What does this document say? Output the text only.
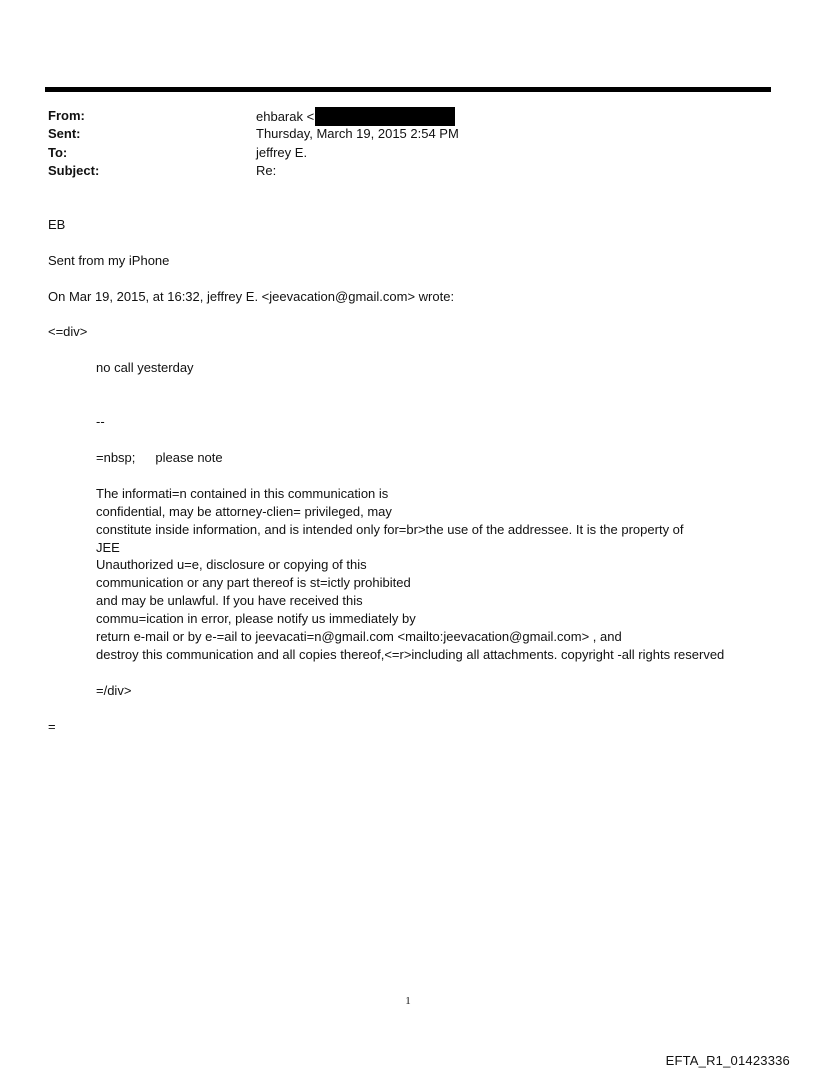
From:	ehbarak <
Sent:	Thursday, March 19, 2015 2:54 PM
To:	jeffrey E.
Subject:	Re:
EB
Sent from my iPhone
On Mar 19, 2015, at 16:32, jeffrey E. <jeevacation@gmail.com> wrote:
<=div>
no call yesterday
--
=nbsp; please note
The informati=n contained in this communication is
confidential, may be attorney-clien= privileged, may
constitute inside information, and is intended only for=br>the use of the addressee. It is the property of
JEE
Unauthorized u=e, disclosure or copying of this
communication or any part thereof is st=ictly prohibited
and may be unlawful. If you have received this
commu=ication in error, please notify us immediately by
return e-mail or by e-=ail to jeevacati=n@gmail.com <mailto:jeevacation@gmail.com> , and
destroy this communication and all copies thereof,<=r>including all attachments. copyright -all rights reserved
=/div>
=
1
EFTA_R1_01423336
